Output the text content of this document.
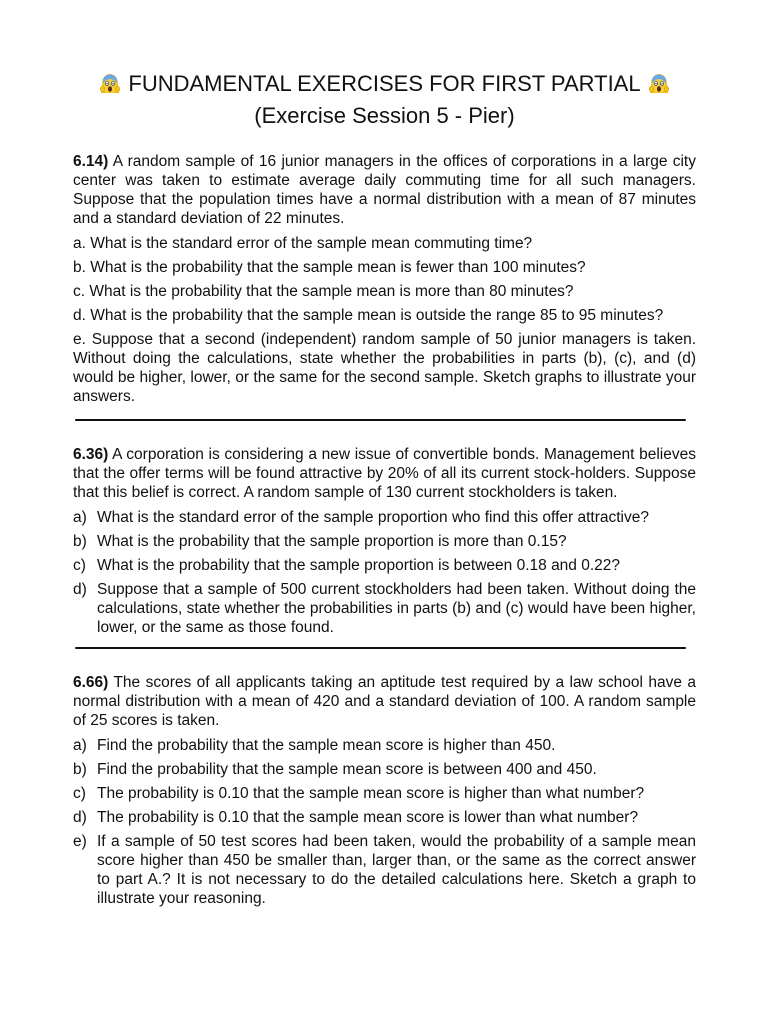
FUNDAMENTAL EXERCISES FOR FIRST PARTIAL
(Exercise Session 5 - Pier)

6.14) A random sample of 16 junior managers in the offices of corporations in a large city center was taken to estimate average daily commuting time for all such managers. Suppose that the population times have a normal distribution with a mean of 87 minutes and a standard deviation of 22 minutes.

a. What is the standard error of the sample mean commuting time?

b. What is the probability that the sample mean is fewer than 100 minutes?

c. What is the probability that the sample mean is more than 80 minutes?

d. What is the probability that the sample mean is outside the range 85 to 95 minutes?

e. Suppose that a second (independent) random sample of 50 junior managers is taken. Without doing the calculations, state whether the probabilities in parts (b), (c), and (d) would be higher, lower, or the same for the second sample. Sketch graphs to illustrate your answers.

6.36) A corporation is considering a new issue of convertible bonds. Management believes that the offer terms will be found attractive by 20% of all its current stock-holders. Suppose that this belief is correct. A random sample of 130 current stockholders is taken.

a) What is the standard error of the sample proportion who find this offer attractive?
b) What is the probability that the sample proportion is more than 0.15?
c) What is the probability that the sample proportion is between 0.18 and 0.22?
d) Suppose that a sample of 500 current stockholders had been taken. Without doing the calculations, state whether the probabilities in parts (b) and (c) would have been higher, lower, or the same as those found.

6.66) The scores of all applicants taking an aptitude test required by a law school have a normal distribution with a mean of 420 and a standard deviation of 100. A random sample of 25 scores is taken.

a) Find the probability that the sample mean score is higher than 450.
b) Find the probability that the sample mean score is between 400 and 450.
c) The probability is 0.10 that the sample mean score is higher than what number?
d) The probability is 0.10 that the sample mean score is lower than what number?
e) If a sample of 50 test scores had been taken, would the probability of a sample mean score higher than 450 be smaller than, larger than, or the same as the correct answer to part A.? It is not necessary to do the detailed calculations here. Sketch a graph to illustrate your reasoning.
